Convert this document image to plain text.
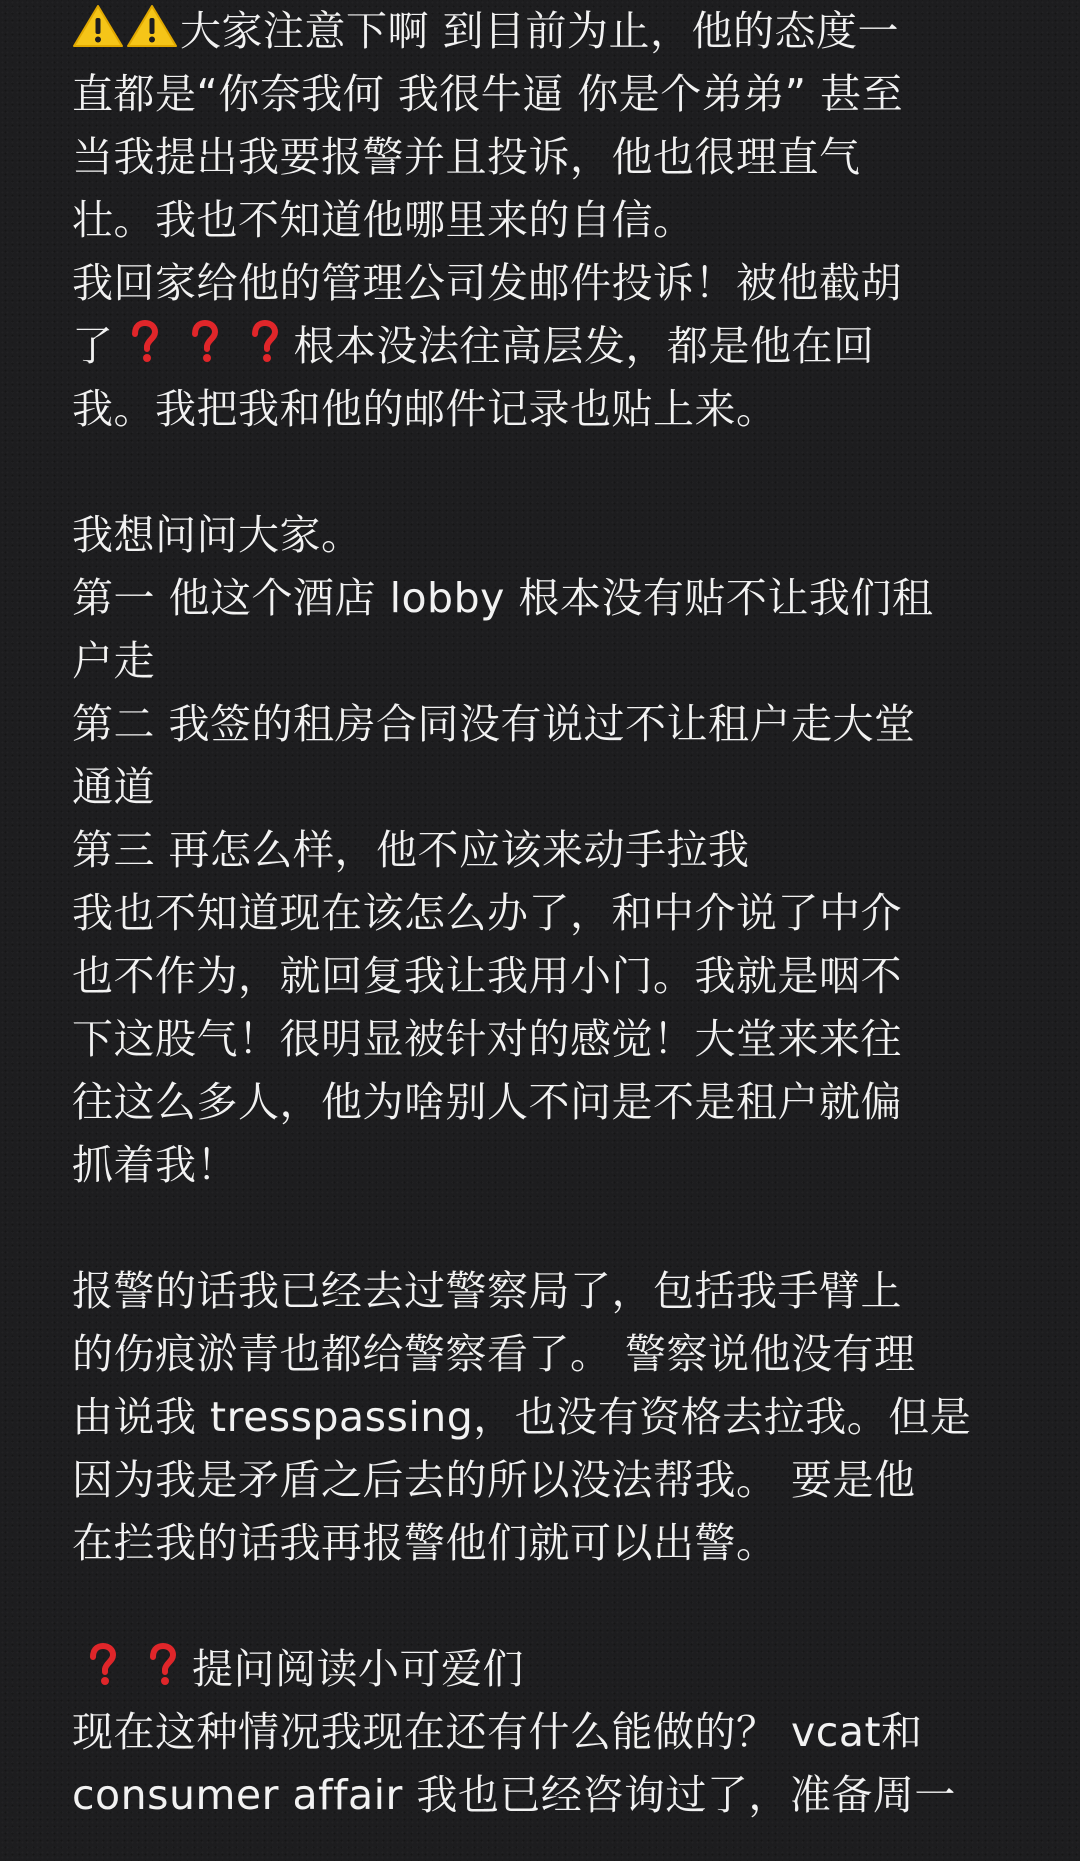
大家注意下啊 到目前为止，他的态度一
直都是“你奈我何 我很牛逼 你是个弟弟” 甚至
当我提出我要报警并且投诉，他也很理直气
壮。我也不知道他哪里来的自信。
我回家给他的管理公司发邮件投诉！被他截胡
了	根本没法往高层发，都是他在回
我。我把我和他的邮件记录也贴上来。
我想问问大家。
第一 他这个酒店 lobby 根本没有贴不让我们租
户走
第二 我签的租房合同没有说过不让租户走大堂
通道
第三 再怎么样，他不应该来动手拉我
我也不知道现在该怎么办了，和中介说了中介
也不作为，就回复我让我用小门。我就是咽不
下这股气！很明显被针对的感觉！大堂来来往
往这么多人，他为啥别人不问是不是租户就偏
抓着我！
报警的话我已经去过警察局了，包括我手臂上
的伤痕淤青也都给警察看了。 警察说他没有理
由说我 tresspassing，也没有资格去拉我。但是
因为我是矛盾之后去的所以没法帮我。 要是他
在拦我的话我再报警他们就可以出警。
提问阅读小可爱们
现在这种情况我现在还有什么能做的？ vcat和
consumer affair 我也已经咨询过了，准备周一
